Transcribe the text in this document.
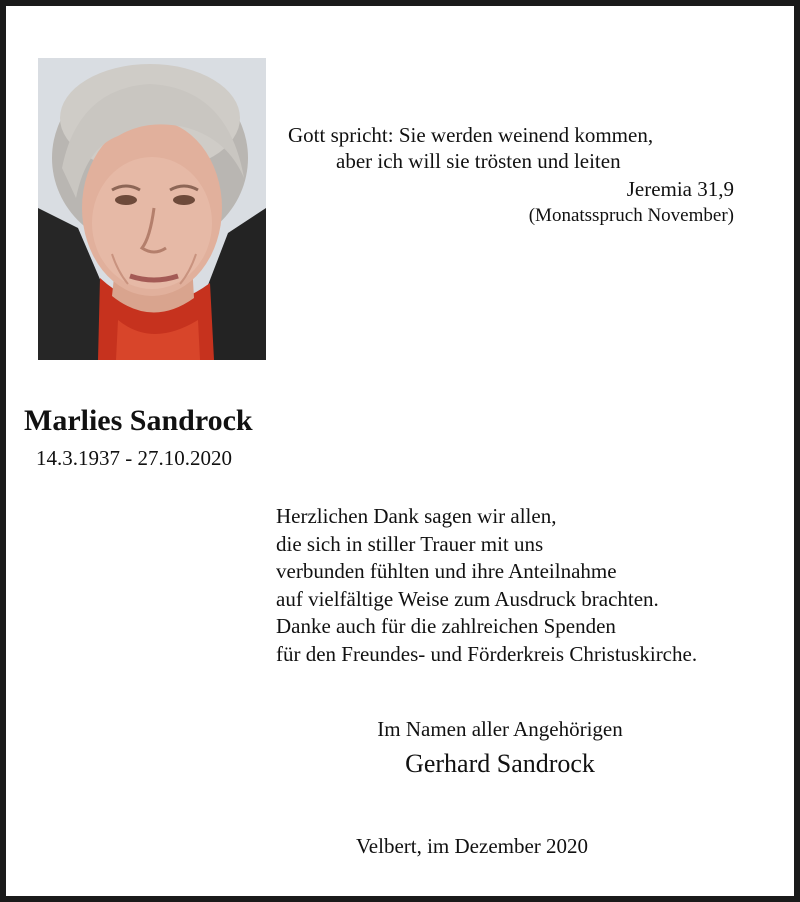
Gott spricht: Sie werden weinend kommen,
aber ich will sie trösten und leiten
Jeremia 31,9
(Monatsspruch November)
Marlies Sandrock
14.3.1937 - 27.10.2020
Herzlichen Dank sagen wir allen,
die sich in stiller Trauer mit uns
verbunden fühlten und ihre Anteilnahme
auf vielfältige Weise zum Ausdruck brachten.
Danke auch für die zahlreichen Spenden
für den Freundes- und Förderkreis Christuskirche.
Im Namen aller Angehörigen
Gerhard Sandrock
Velbert, im Dezember 2020
